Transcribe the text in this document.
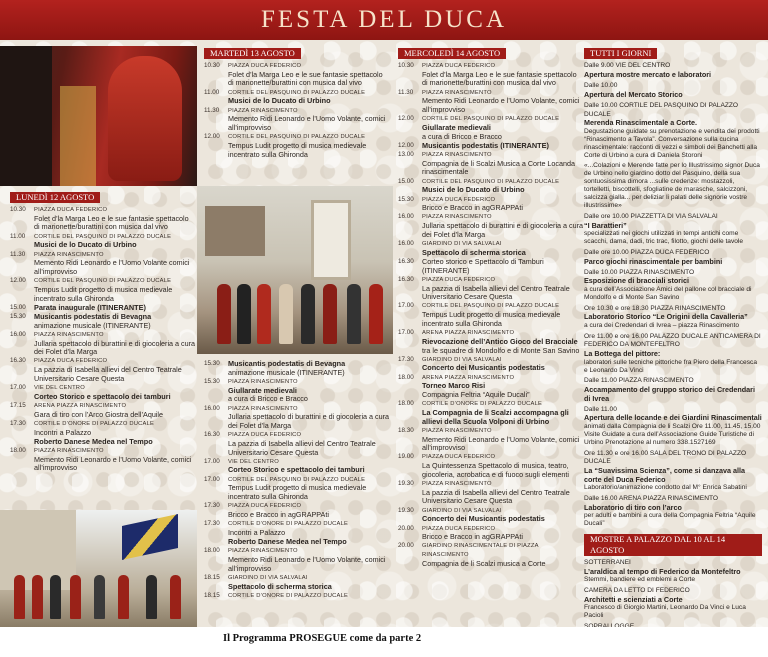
FESTA DEL DUCA
LUNEDÌ 12 AGOSTO
10.30	PIAZZA DUCA FEDERICO
Folet d’la Marga Leo e le sue fantasie spettacolo di marionette/burattini con musica dal vivo
11.00	CORTILE DEL PASQUINO DI PALAZZO DUCALE
Musici de lo Ducato di Urbino
11.30	PIAZZA RINASCIMENTO
Memento Ridi Leonardo e l’Uomo Volante comici all’improvviso
12.00	CORTILE DEL PASQUINO DI PALAZZO DUCALE
Tempus Ludit progetto di musica medievale incentrato sulla Ghironda
15.00	Parata inaugurale (ITINERANTE)
15.30	Musicantis podestatis di Bevagna
animazione musicale (ITINERANTE)
16.00	PIAZZA RINASCIMENTO
Jullaria spettacolo di burattini e di giocoleria a cura dei Folet d’la Marga
16.30	PIAZZA DUCA FEDERICO
La pazzia di Isabella allievi del Centro Teatrale Universitario Cesare Questa
17.00	VIE DEL CENTRO
Corteo Storico e spettacolo dei tamburi
17.15	ARENA PIAZZA RINASCIMENTO
Gara di tiro con l’Arco Giostra dell’Aquile
17.30	CORTILE D’ONORE DI PALAZZO DUCALE
Incontri a Palazzo
Roberto Danese Medea nel Tempo
18.00	PIAZZA RINASCIMENTO
Memento Ridi Leonardo e l’Uomo Volante, comici all’improvviso
MARTEDÌ 13 AGOSTO
10.30	PIAZZA DUCA FEDERICO
Folet d’la Marga Leo e le sue fantasie spettacolo di marionette/burattini con musica dal vivo
11.00	CORTILE DEL PASQUINO DI PALAZZO DUCALE
Musici de lo Ducato di Urbino
11.30	PIAZZA RINASCIMENTO
Memento Ridi Leonardo e l’Uomo Volante, comici all’improvviso
12.00	CORTILE DEL PASQUINO DI PALAZZO DUCALE
Tempus Ludit progetto di musica medievale incentrato sulla Ghironda
15.30	Musicantis podestatis di Bevagna
animazione musicale (ITINERANTE)
15.30	PIAZZA RINASCIMENTO
Giullarate medievali
a cura di Bricco e Bracco
16.00	PIAZZA RINASCIMENTO
Jullaria spettacolo di burattini e di giocoleria a cura dei Folet d’la Marga
16.30	PIAZZA DUCA FEDERICO
La pazzia di Isabella allievi del Centro Teatrale Universitario Cesare Questa
17.00	VIE DEL CENTRO
Corteo Storico e spettacolo dei tamburi
17.00	CORTILE DEL PASQUINO DI PALAZZO DUCALE
Tempus Ludit progetto di musica medievale incentrato sulla Ghironda
17.30	PIAZZA DUCA FEDERICO
Bricco e Bracco in agGRAPPAti
17.30	CORTILE D’ONORE DI PALAZZO DUCALE
Incontri a Palazzo
Roberto Danese Medea nel Tempo
18.00	PIAZZA RINASCIMENTO
Memento Ridi Leonardo e l’Uomo Volante, comici all’improvviso
18.15	GIARDINO DI VIA SALVALAI
Spettacolo di scherma storica
18.15	CORTILE D’ONORE DI PALAZZO DUCALE
MERCOLEDÌ 14 AGOSTO
10.30	PIAZZA DUCA FEDERICO
Folet d’la Marga Leo e le sue fantasie spettacolo di marionette/burattini con musica dal vivo
11.30	PIAZZA RINASCIMENTO
Memento Ridi Leonardo e l’Uomo Volante, comici all’improvviso
12.00	CORTILE DEL PASQUINO DI PALAZZO DUCALE
Giullarate medievali
a cura di Bricco e Bracco
12.00	Musicantis podestatis (ITINERANTE)
13.00	PIAZZA RINASCIMENTO
Compagnia de li Scalzi Musica a Corte Locanda rinascimentale
15.00	CORTILE DEL PASQUINO DI PALAZZO DUCALE
Musici de lo Ducato di Urbino
15.30	PIAZZA DUCA FEDERICO
Bricco e Bracco in agGRAPPAti
16.00	PIAZZA RINASCIMENTO
Jullaria spettacolo di burattini e di giocoleria a cura dei Folet d’la Marga
16.00	GIARDINO DI VIA SALVALAI
Spettacolo di scherma storica
16.30	Corteo storico e Spettacolo di Tamburi (ITINERANTE)
16.30	PIAZZA DUCA FEDERICO
La pazzia di Isabella allievi del Centro Teatrale Universitario Cesare Questa
17.00	CORTILE DEL PASQUINO DI PALAZZO DUCALE
Tempus Ludit progetto di musica medievale incentrato sulla Ghironda
17.00	ARENA PIAZZA RINASCIMENTO
Rievocazione dell’Antico Gioco del Bracciale
tra le squadre di Mondolfo e di Monte San Savino
17.30	GIARDINO DI VIA SALVALAI
Concerto dei Musicantis podestatis
18.00	ARENA PIAZZA RINASCIMENTO
Torneo Marco Risi
Compagnia Feltria “Aquile Ducali”
18.00	CORTILE D’ONORE DI PALAZZO DUCALE
La Compagnia de li Scalzi accompagna gli allievi della Scuola Volponi di Urbino
18.30	PIAZZA RINASCIMENTO
Memento Ridi Leonardo e l’Uomo Volante, comici all’improvviso
19.00	PIAZZA DUCA FEDERICO
La Quintessenza Spettacolo di musica, teatro, giocoleria, acrobatica e di fuoco sugli elementi
19.30	PIAZZA RINASCIMENTO
La pazzia di Isabella allievi del Centro Teatrale Universitario Cesare Questa
19.30	GIARDINO DI VIA SALVALAI
Concerto dei Musicantis podestatis
20.00	PIAZZA DUCA FEDERICO
Bricco e Bracco in agGRAPPAti
20.00	GIARDINO RINASCIMENTALE DI PIAZZA RINASCIMENTO
Compagnia de li Scalzi musica a Corte
TUTTI I GIORNI
Dalle 9.00 VIE DEL CENTRO
Apertura mostre mercato e laboratori
Dalle 10.00
Apertura del Mercato Storico
Dalle 10.00 CORTILE DEL PASQUINO DI PALAZZO DUCALE
Merenda Rinascimentale a Corte.
Degustazione guidate su prenotazione e vendita dei prodotti “Rinascimento a Tavola”. Conversazione sulla cucina rinascimentale: racconti di vezzi e simboli dei Banchetti alla Corte di Urbino a cura di Daniela Storoni
«...Colazioni e Merende fatte per lo Illustrissimo signor Duca de Urbino nello giardino dotto del Pasquino, della sua sontuosissima dimora ...sulle credenze: mostazzoli, tortelletti, biscottelli, sfogliatine de marasche, salcizzoni, salcizza gialla... per deliziar li palati delle signorie vostre illustrissime»
Dalle ore 10.00 PIAZZETTA DI VIA SALVALAI
“I Barattieri”
specializzati nei giochi utilizzati in tempi antichi come scacchi, dama, dadi, tric trac, filotto, giochi delle tavole
Dalle ore 10.00 PIAZZA DUCA FEDERICO
Parco giochi rinascimentale per bambini
Dalle 10.00 PIAZZA RINASCIMENTO
Esposizione di bracciali storici
a cura dell’Associazione Amici del pallone col bracciale di Mondolfo e di Monte San Savino
Ore 10.30 e ore 18.30 PIAZZA RINASCIMENTO
Laboratorio Storico “Le Origini della Cavalleria”
a cura dei Credendari di Ivrea – piazza Rinascimento
Ore 11.00 e ore 16.00 PALAZZO DUCALE ANTICAMERA DI FEDERICO DA MONTEFELTRO
La Bottega del pittore:
laboratori sulle tecniche pittoriche fra Piero della Francesca e Leonardo Da Vinci
Dalle 11.00 PIAZZA RINASCIMENTO
Accampamento del gruppo storico dei Credendari di Ivrea
Dalle 11.00
Apertura delle locande e dei Giardini Rinascimentali
animati dalla Compagnia de li Scalzi Ore 11.00, 11.45, 15.00 Visite Guidate a cura dell’Associazione Guide Turistiche di Urbino Prenotazione al numero 338.1527169
Ore 11.30 e ore 16.00 SALA DEL TRONO DI PALAZZO DUCALE
La “Suavissima Scienza”, come si danzava alla corte del Duca Federico
Laboratorio/animazione condotto dal M° Enrica Sabatini
Dalle 16.00 ARENA PIAZZA RINASCIMENTO
Laboratorio di tiro con l’arco
per adulti e bambini a cura della Compagnia Feltria “Aquile Ducali”
MOSTRE A PALAZZO DAL 10 AL 14 AGOSTO
SOTTERRANEI
L’araldica al tempo di Federico da Montefeltro
Stemmi, bandiere ed emblemi a Corte
CAMERA DA LETTO DI FEDERICO
Architetti e scienziati a Corte
Francesco di Giorgio Martini, Leonardo Da Vinci e Luca Pacioli
SOPRALLOGGE
Il Programma PROSEGUE come da parte 2
